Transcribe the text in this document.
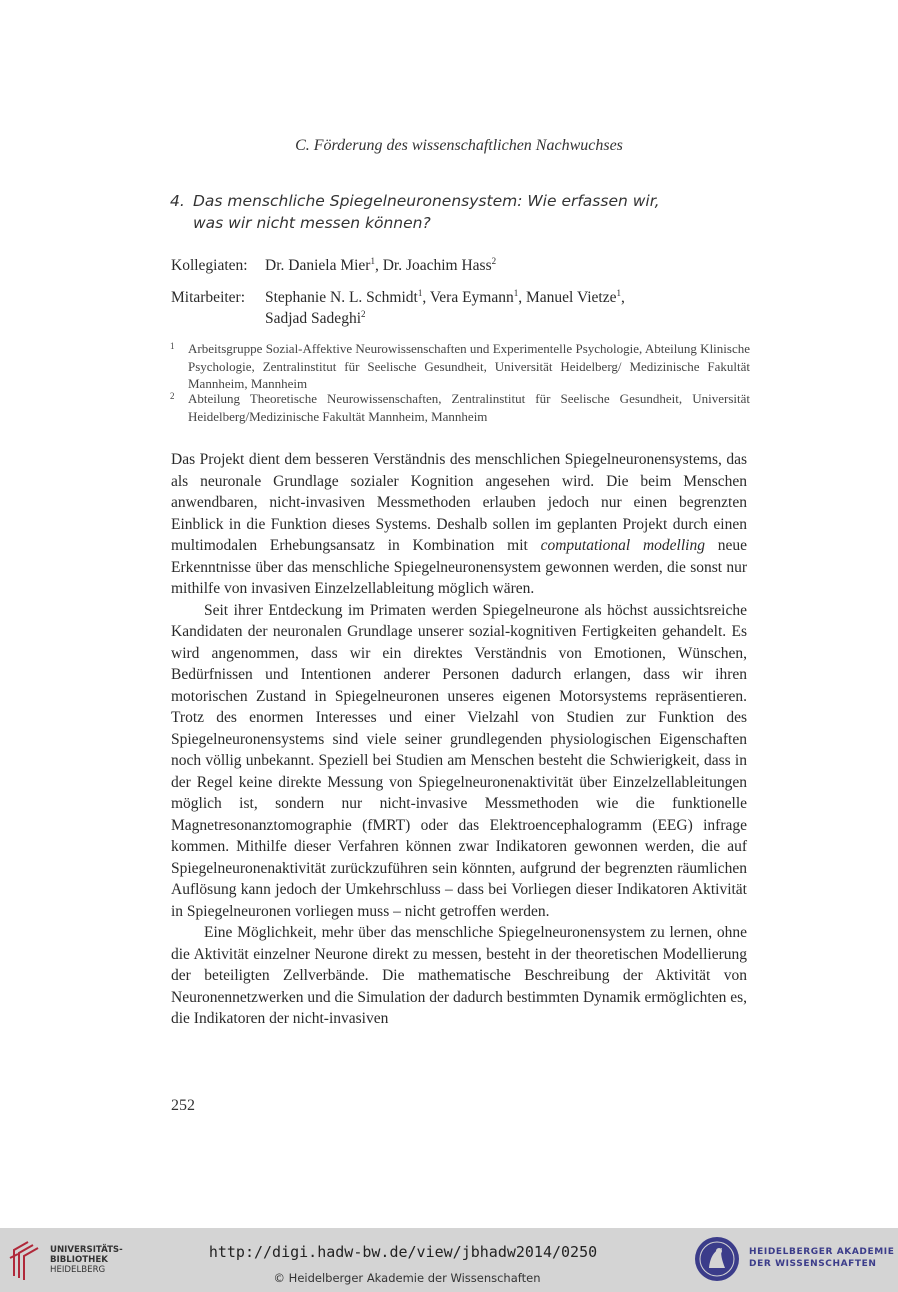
C. Förderung des wissenschaftlichen Nachwuchses
4. Das menschliche Spiegelneuronensystem: Wie erfassen wir,
was wir nicht messen können?
Kollegiaten: Dr. Daniela Mier$^1$, Dr. Joachim Hass$^2$
Mitarbeiter: Stephanie N. L. Schmidt$^1$, Vera Eymann$^1$, Manuel Vietze$^1$,
Sadjad Sadeghi$^2$
1 Arbeitsgruppe Sozial-Affektive Neurowissenschaften und Experimentelle Psychologie, Abteilung Klinische Psychologie, Zentralinstitut für Seelische Gesundheit, Universität Heidelberg/ Medizinische Fakultät Mannheim, Mannheim
2 Abteilung Theoretische Neurowissenschaften, Zentralinstitut für Seelische Gesundheit, Universität Heidelberg/Medizinische Fakultät Mannheim, Mannheim

Das Projekt dient dem besseren Verständnis des menschlichen Spiegelneuronensystems, das als neuronale Grundlage sozialer Kognition angesehen wird. Die beim Menschen anwendbaren, nicht-invasiven Messmethoden erlauben jedoch nur einen begrenzten Einblick in die Funktion dieses Systems. Deshalb sollen im geplanten Projekt durch einen multimodalen Erhebungsansatz in Kombination mit computational modelling neue Erkenntnisse über das menschliche Spiegelneuronensystem gewonnen werden, die sonst nur mithilfe von invasiven Einzelzellableitung möglich wären.

Seit ihrer Entdeckung im Primaten werden Spiegelneurone als höchst aussichtsreiche Kandidaten der neuronalen Grundlage unserer sozial-kognitiven Fertigkeiten gehandelt. Es wird angenommen, dass wir ein direktes Verständnis von Emotionen, Wünschen, Bedürfnissen und Intentionen anderer Personen dadurch erlangen, dass wir ihren motorischen Zustand in Spiegelneuronen unseres eigenen Motorsystems repräsentieren. Trotz des enormen Interesses und einer Vielzahl von Studien zur Funktion des Spiegelneuronensystems sind viele seiner grundlegenden physiologischen Eigenschaften noch völlig unbekannt. Speziell bei Studien am Menschen besteht die Schwierigkeit, dass in der Regel keine direkte Messung von Spiegelneuronenaktivität über Einzelzellableitungen möglich ist, sondern nur nicht-invasive Messmethoden wie die funktionelle Magnetresonanztomographie (fMRT) oder das Elektroencephalogramm (EEG) infrage kommen. Mithilfe dieser Verfahren können zwar Indikatoren gewonnen werden, die auf Spiegelneuronenaktivität zurückzuführen sein könnten, aufgrund der begrenzten räumlichen Auflösung kann jedoch der Umkehrschluss – dass bei Vorliegen dieser Indikatoren Aktivität in Spiegelneuronen vorliegen muss – nicht getroffen werden.

Eine Möglichkeit, mehr über das menschliche Spiegelneuronensystem zu lernen, ohne die Aktivität einzelner Neurone direkt zu messen, besteht in der theoretischen Modellierung der beteiligten Zellverbände. Die mathematische Beschreibung der Aktivität von Neuronennetzwerken und die Simulation der dadurch bestimmten Dynamik ermöglichten es, die Indikatoren der nicht-invasiven

252
UNIVERSITÄTS-
BIBLIOTHEK
HEIDELBERG
HEIDELBERGER AKADEMIE
DER WISSENSCHAFTEN
http://digi.hadw-bw.de/view/jbhadw2014/0250
© Heidelberger Akademie der Wissenschaften
